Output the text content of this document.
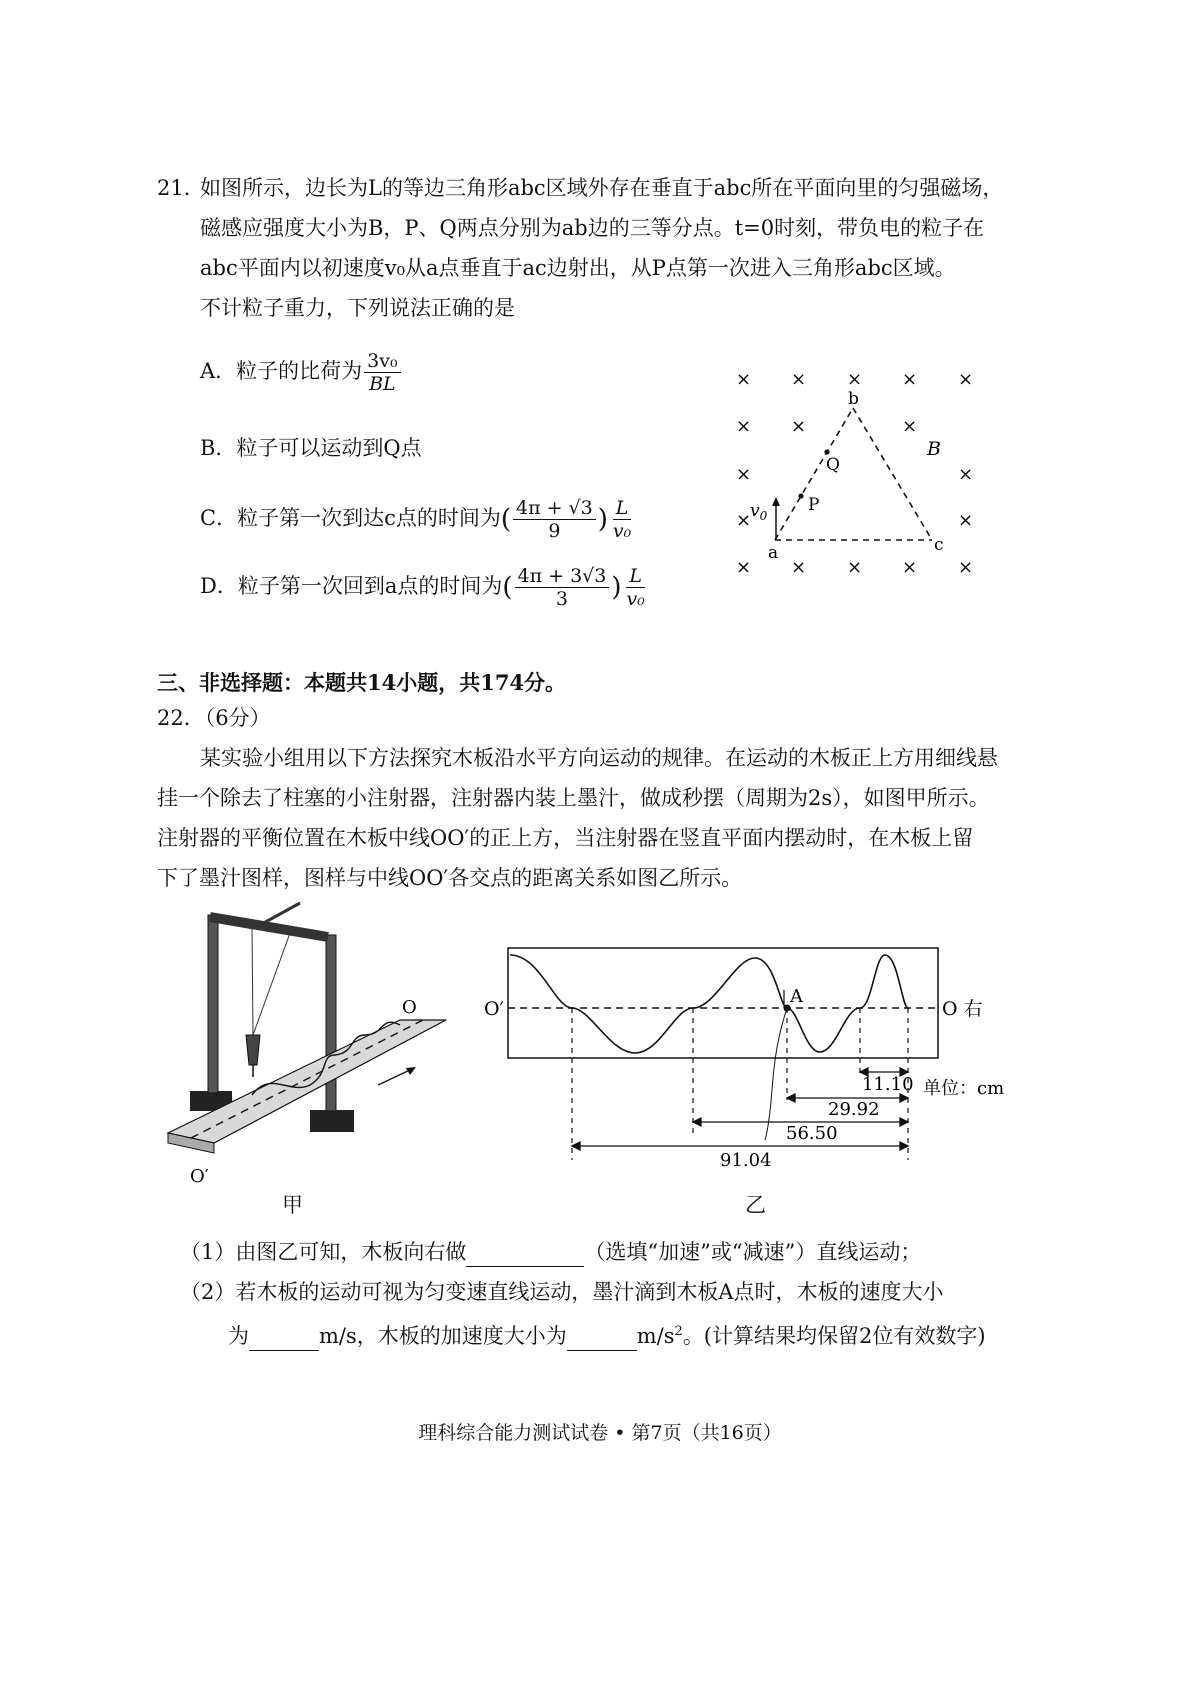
21．
如图所示，边长为L的等边三角形abc区域外存在垂直于abc所在平面向里的匀强磁场，
磁感应强度大小为B，P、Q两点分别为ab边的三等分点。t=0时刻，带负电的粒子在
abc平面内以初速度v₀从a点垂直于ac边射出，从P点第一次进入三角形abc区域。
不计粒子重力，下列说法正确的是
A．粒子的比荷为 $\frac{\text{3v₀}}{BL}$
B．粒子可以运动到Q点
C．粒子第一次到达c点的时间为( $\frac{4\pi + √3}{9}$ ) $\frac{L}{\text{v₀}}$
D．粒子第一次回到a点的时间为( $\frac{4\pi + 3√3}{3}$ ) $\frac{L}{\text{v₀}}$
× × × × ×
× ×	×
×	×
×	×
× × × × ×
a
b
c
P
Q
B
$v_0$
三、非选择题：本题共14小题，共174分。
22．（6分）
某实验小组用以下方法探究木板沿水平方向运动的规律。在运动的木板正上方用细线悬
挂一个除去了柱塞的小注射器，注射器内装上墨汁，做成秒摆（周期为2s），如图甲所示。
注射器的平衡位置在木板中线OO′的正上方，当注射器在竖直平面内摆动时，在木板上留
下了墨汁图样，图样与中线OO′各交点的距离关系如图乙所示。
O
O′
甲
O′	O 右
A
11.10
29.92
56.50
91.04
单位：cm
乙
（1）由图乙可知，木板向右做	（选填“加速”或“减速”）直线运动；
（2）若木板的运动可视为匀变速直线运动，墨汁滴到木板A点时，木板的速度大小
为	m/s，木板的加速度大小为	$m/s^2$。(计算结果均保留2位有效数字)
理科综合能力测试试卷 • 第7页（共16页）
